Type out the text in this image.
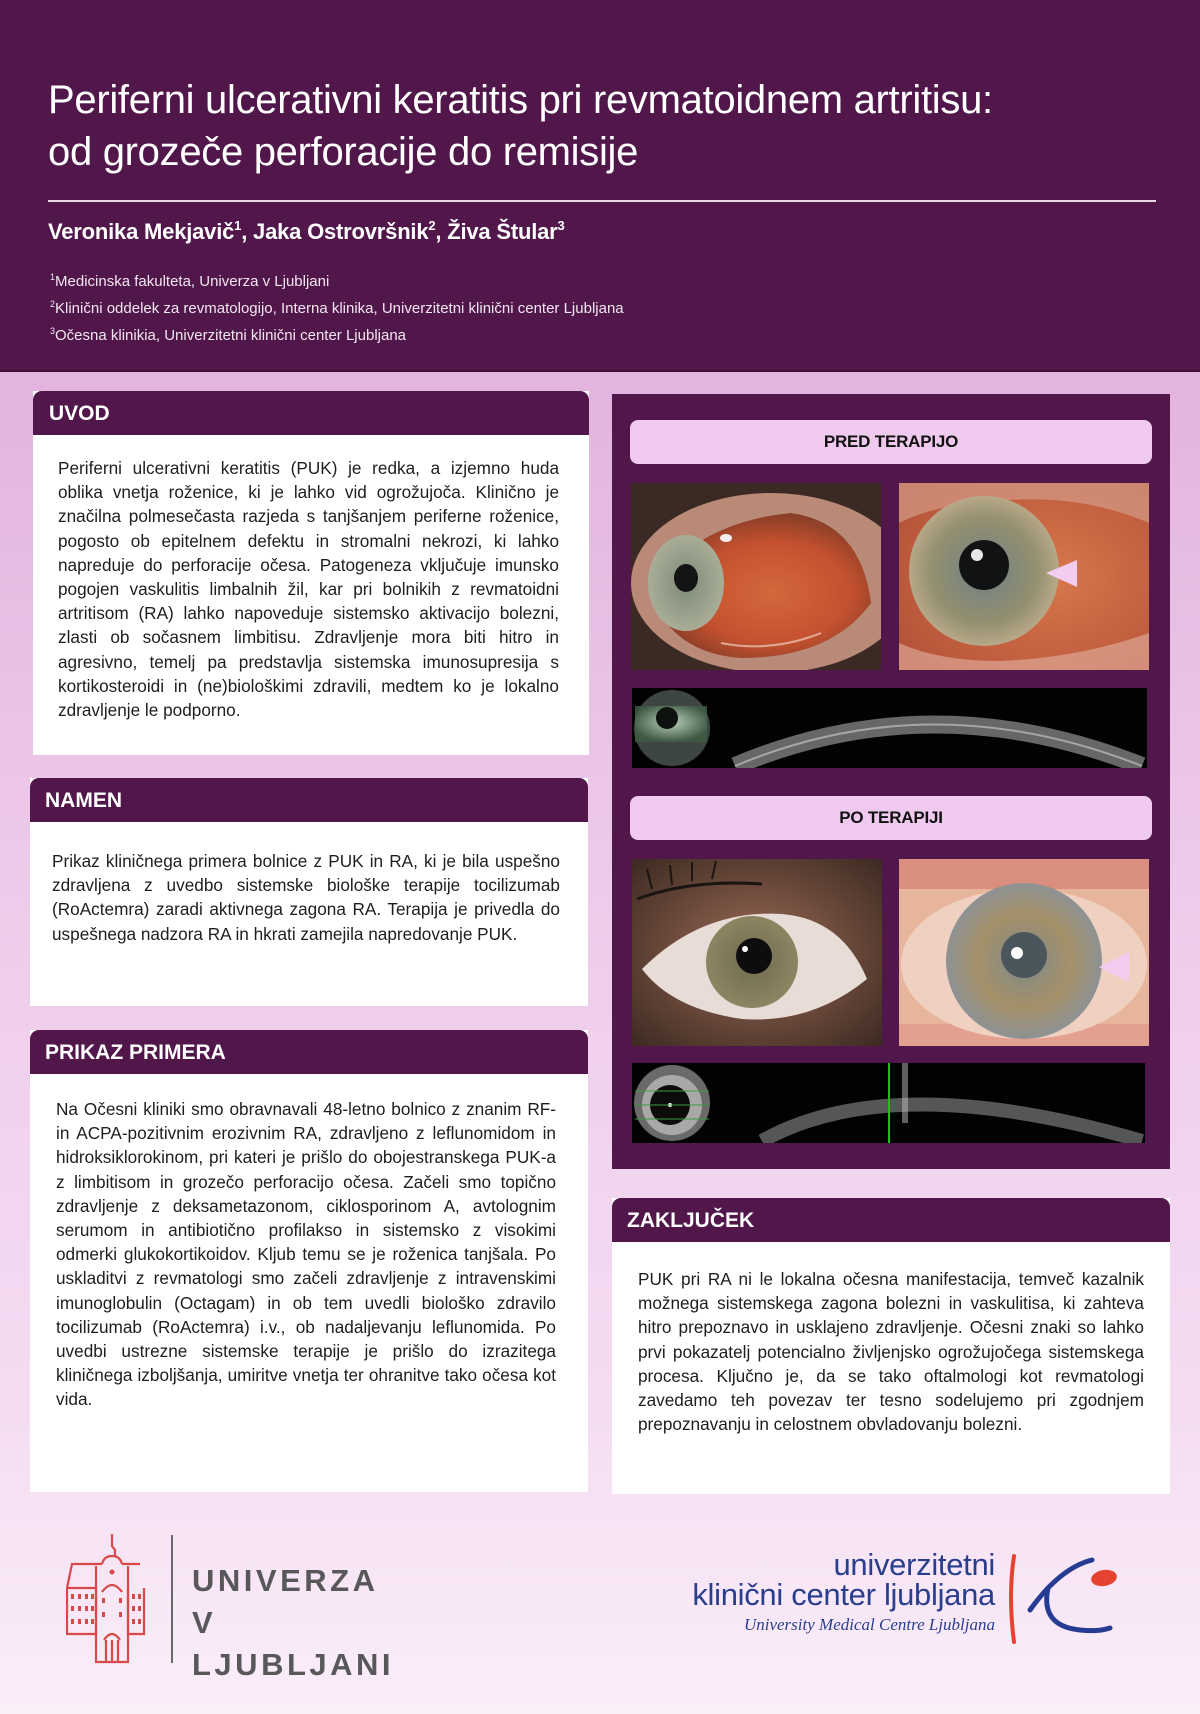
Periferni ulcerativni keratitis pri revmatoidnem artritisu:
od grozeče perforacije do remisije
Veronika Mekjavič$^1$, Jaka Ostrovršnik$^2$, Živa Štular$^3$
$^1$Medicinska fakulteta, Univerza v Ljubljani
$^2$Klinični oddelek za revmatologijo, Interna klinika, Univerzitetni klinični center Ljubljana
$^3$Očesna klinikia, Univerzitetni klinični center Ljubljana
UVOD

Periferni ulcerativni keratitis (PUK) je redka, a izjemno huda oblika vnetja roženice, ki je lahko vid ogrožujoča. Klinično je značilna polmesečasta razjeda s tanjšanjem periferne roženice, pogosto ob epitelnem defektu in stromalni nekrozi, ki lahko napreduje do perforacije očesa. Patogeneza vključuje imunsko pogojen vaskulitis limbalnih žil, kar pri bolnikih z revmatoidni artritisom (RA) lahko napoveduje sistemsko aktivacijo bolezni, zlasti ob sočasnem limbitisu. Zdravljenje mora biti hitro in agresivno, temelj pa predstavlja sistemska imunosupresija s kortikosteroidi in (ne)biološkimi zdravili, medtem ko je lokalno zdravljenje le podporno.

NAMEN

Prikaz kliničnega primera bolnice z PUK in RA, ki je bila uspešno zdravljena z uvedbo sistemske biološke terapije tocilizumab (RoActemra) zaradi aktivnega zagona RA. Terapija je privedla do uspešnega nadzora RA in hkrati zamejila napredovanje PUK.

PRIKAZ PRIMERA

Na Očesni kliniki smo obravnavali 48-letno bolnico z znanim RF- in ACPA-pozitivnim erozivnim RA, zdravljeno z leflunomidom in hidroksiklorokinom, pri kateri je prišlo do obojestranskega PUK-a z limbitisom in grozečo perforacijo očesa. Začeli smo topično zdravljenje z deksametazonom, ciklosporinom A, avtolognim serumom in antibiotično profilakso in sistemsko z visokimi odmerki glukokortikoidov. Kljub temu se je roženica tanjšala. Po uskladitvi z revmatologi smo začeli zdravljenje z intravenskimi imunoglobulin (Octagam) in ob tem uvedli biološko zdravilo tocilizumab (RoActemra) i.v., ob nadaljevanju leflunomida. Po uvedbi ustrezne sistemske terapije je prišlo do izrazitega kliničnega izboljšanja, umiritve vnetja ter ohranitve tako očesa kot vida.

PRED TERAPIJO
PO TERAPIJI
ZAKLJUČEK

PUK pri RA ni le lokalna očesna manifestacija, temveč kazalnik možnega sistemskega zagona bolezni in vaskulitisa, ki zahteva hitro prepoznavo in usklajeno zdravljenje. Očesni znaki so lahko prvi pokazatelj potencialno življenjsko ogrožujočega sistemskega procesa. Ključno je, da se tako oftalmologi kot revmatologi zavedamo teh povezav ter tesno sodelujemo pri zgodnjem prepoznavanju in celostnem obvladovanju bolezni.

UNIVERZA
V LJUBLJANI
univerzitetni
klinični center ljubljana
University Medical Centre Ljubljana
